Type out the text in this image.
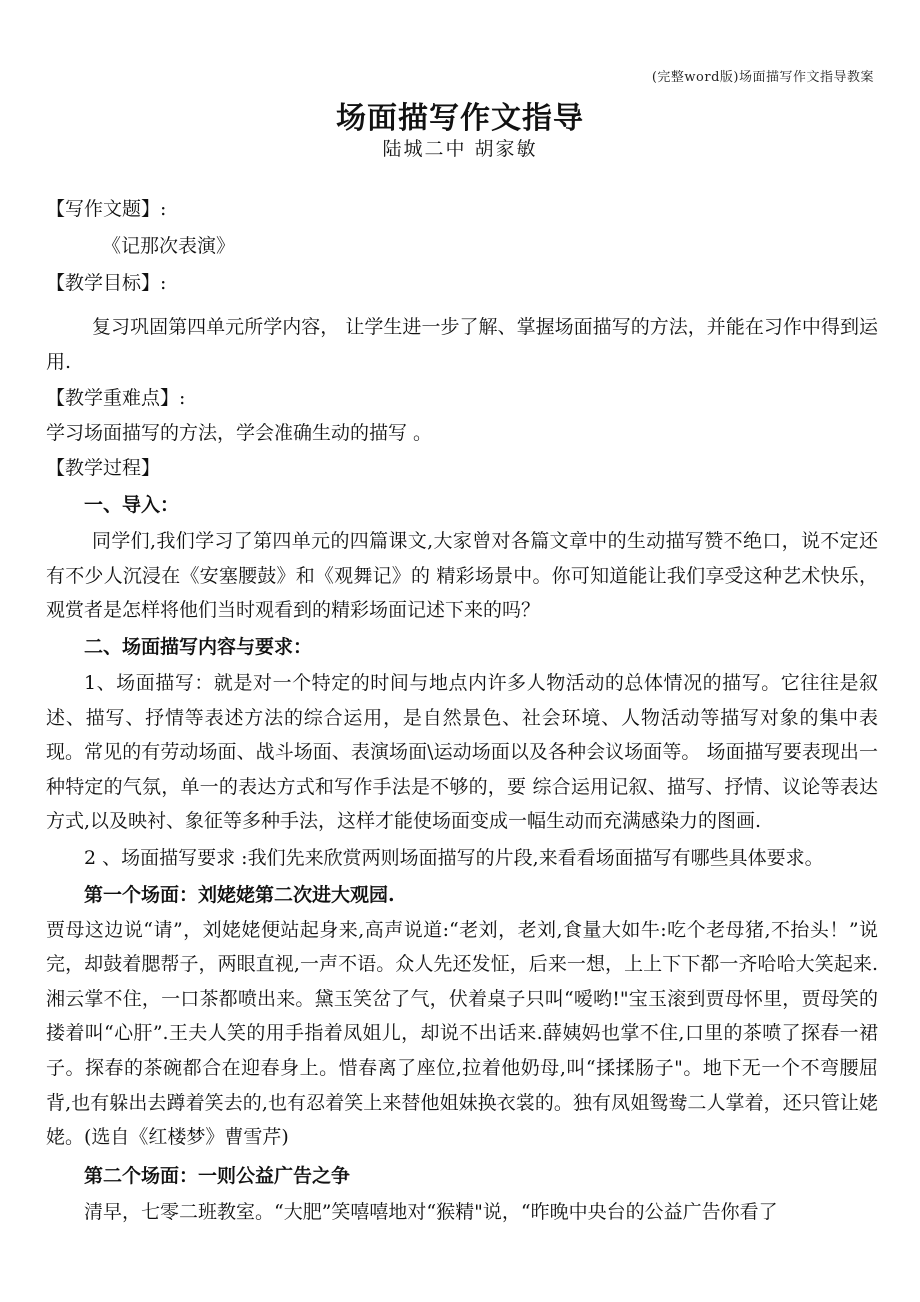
(完整word版)场面描写作文指导教案
场面描写作文指导
陆城二中 胡家敏
【写作文题】:
《记那次表演》
【教学目标】:

复习巩固第四单元所学内容， 让学生进一步了解、掌握场面描写的方法，并能在习作中得到运用.

【教学重难点】:
学习场面描写的方法，学会准确生动的描写 。
【教学过程】
一、导入：

同学们,我们学习了第四单元的四篇课文,大家曾对各篇文章中的生动描写赞不绝口，说不定还有不少人沉浸在《安塞腰鼓》和《观舞记》的 精彩场景中。你可知道能让我们享受这种艺术快乐，观赏者是怎样将他们当时观看到的精彩场面记述下来的吗？

二、场面描写内容与要求：

1、场面描写：就是对一个特定的时间与地点内许多人物活动的总体情况的描写。它往往是叙述、描写、抒情等表述方法的综合运用，是自然景色、社会环境、人物活动等描写对象的集中表现。常见的有劳动场面、战斗场面、表演场面\运动场面以及各种会议场面等。 场面描写要表现出一种特定的气氛，单一的表达方式和写作手法是不够的，要 综合运用记叙、描写、抒情、议论等表达方式,以及映衬、象征等多种手法，这样才能使场面变成一幅生动而充满感染力的图画.

2 、场面描写要求 :我们先来欣赏两则场面描写的片段,来看看场面描写有哪些具体要求。

第一个场面：刘姥姥第二次进大观园.

贾母这边说“请”，刘姥姥便站起身来,高声说道:“老刘，老刘,食量大如牛:吃个老母猪,不抬头！”说完，却鼓着腮帮子，两眼直视,一声不语。众人先还发怔，后来一想，上上下下都一齐哈哈大笑起来.湘云掌不住，一口茶都喷出来。黛玉笑岔了气，伏着桌子只叫“嗳哟!"宝玉滚到贾母怀里，贾母笑的搂着叫“心肝”.王夫人笑的用手指着凤姐儿，却说不出话来.薛姨妈也掌不住,口里的茶喷了探春一裙子。探春的茶碗都合在迎春身上。惜春离了座位,拉着他奶母,叫“揉揉肠子"。地下无一个不弯腰屈背,也有躲出去蹲着笑去的,也有忍着笑上来替他姐妹换衣裳的。独有凤姐鸳鸯二人掌着，还只管让姥姥。(选自《红楼梦》曹雪芹)

第二个场面：一则公益广告之争

清早，七零二班教室。“大肥”笑嘻嘻地对“猴精"说，“昨晚中央台的公益广告你看了
